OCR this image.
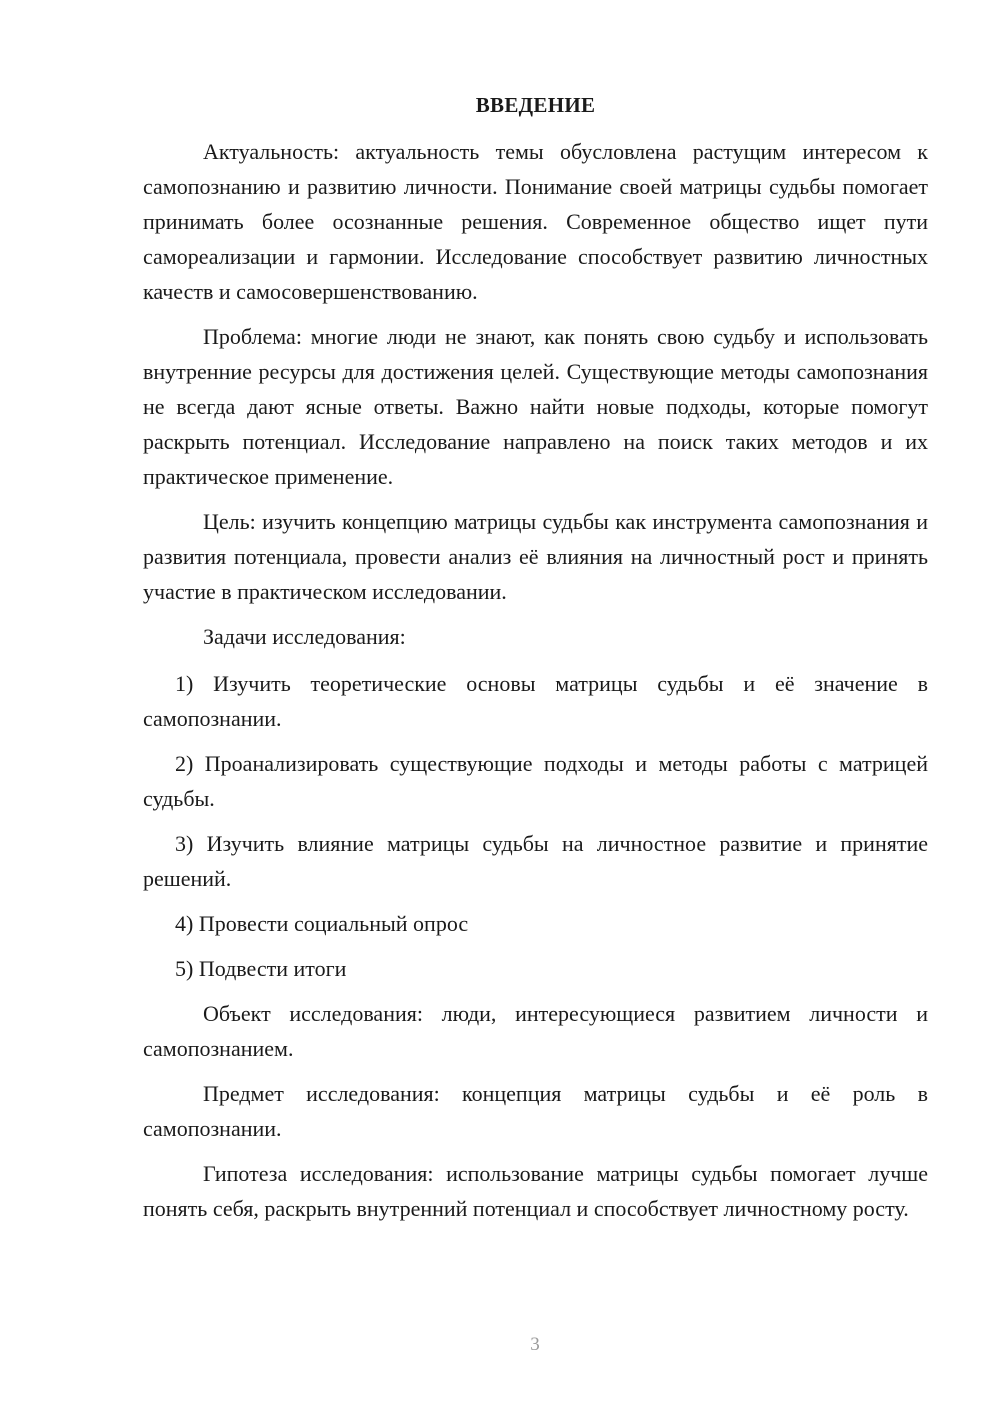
ВВЕДЕНИЕ

Актуальность: актуальность темы обусловлена растущим интересом к самопознанию и развитию личности. Понимание своей матрицы судьбы помогает принимать более осознанные решения. Современное общество ищет пути самореализации и гармонии. Исследование способствует развитию личностных качеств и самосовершенствованию.

Проблема: многие люди не знают, как понять свою судьбу и использовать внутренние ресурсы для достижения целей. Существующие методы самопознания не всегда дают ясные ответы. Важно найти новые подходы, которые помогут раскрыть потенциал. Исследование направлено на поиск таких методов и их практическое применение.

Цель: изучить концепцию матрицы судьбы как инструмента самопознания и развития потенциала, провести анализ её влияния на личностный рост и принять участие в практическом исследовании.

Задачи исследования:

1) Изучить теоретические основы матрицы судьбы и её значение в самопознании.

2) Проанализировать существующие подходы и методы работы с матрицей судьбы.

3) Изучить влияние матрицы судьбы на личностное развитие и принятие решений.

4) Провести социальный опрос

5) Подвести итоги

Объект исследования: люди, интересующиеся развитием личности и самопознанием.

Предмет исследования: концепция матрицы судьбы и её роль в самопознании.

Гипотеза исследования: использование матрицы судьбы помогает лучше понять себя, раскрыть внутренний потенциал и способствует личностному росту.

3
